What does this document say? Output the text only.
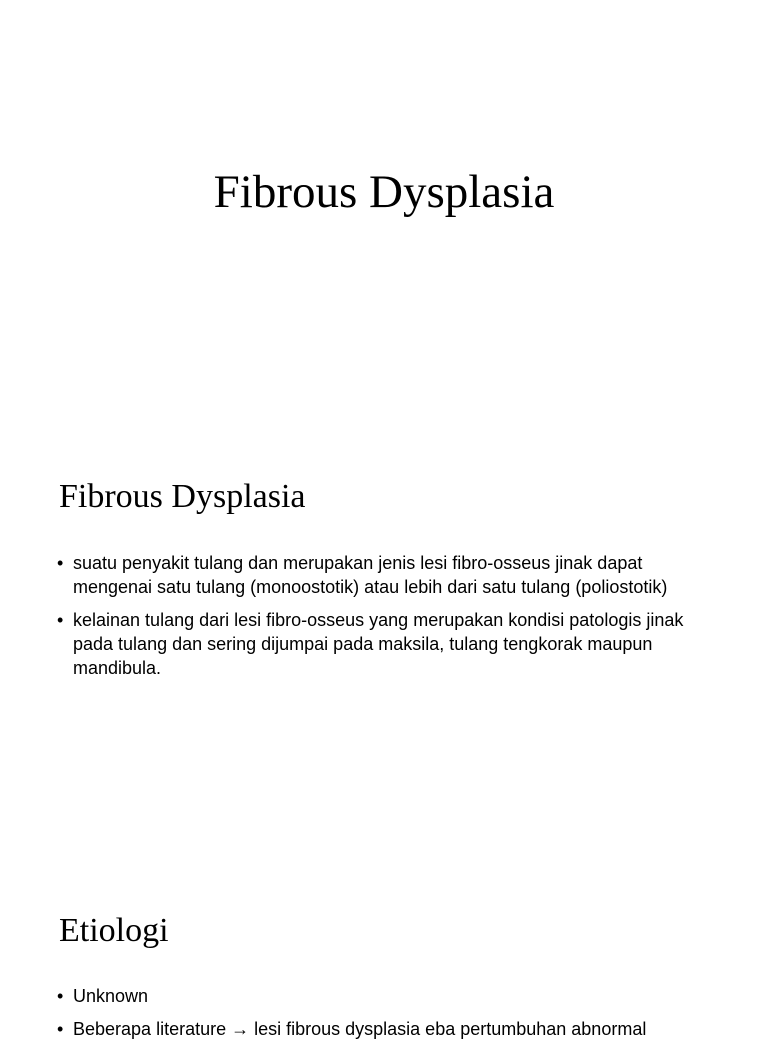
Fibrous Dysplasia
Fibrous Dysplasia
• suatu penyakit tulang dan merupakan jenis lesi fibro-osseus jinak dapat mengenai satu tulang (monoostotik) atau lebih dari satu tulang (poliostotik)
• kelainan tulang dari lesi fibro-osseus yang merupakan kondisi patologis jinak pada tulang dan sering dijumpai pada maksila, tulang tengkorak maupun mandibula.
Etiologi
• Unknown
• Beberapa literature → lesi fibrous dysplasia eba pertumbuhan abnormal
